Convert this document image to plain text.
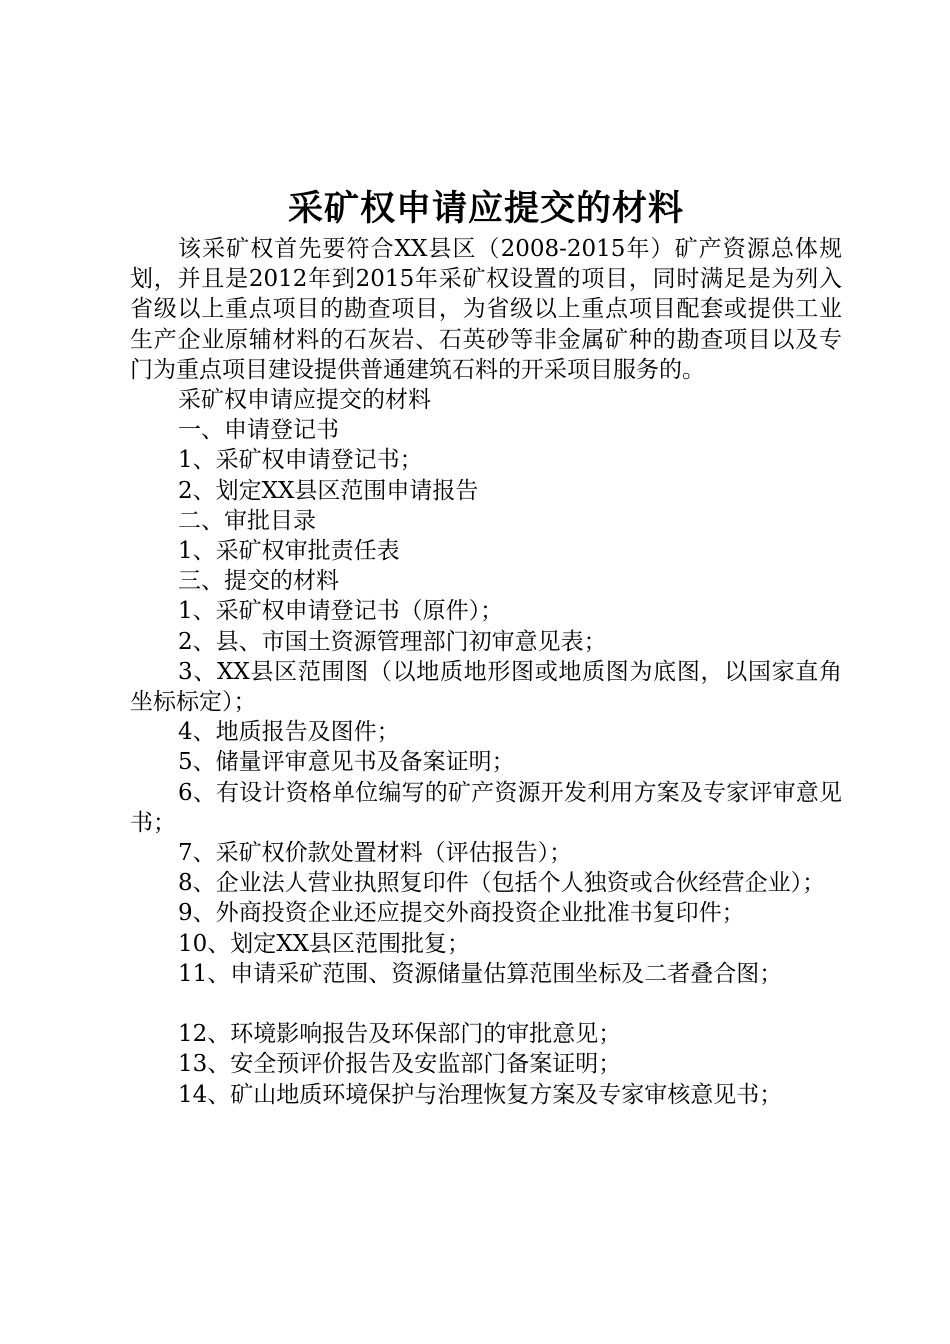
采矿权申请应提交的材料

该采矿权首先要符合XX县区（2008-2015年）矿产资源总体规划，并且是2012年到2015年采矿权设置的项目，同时满足是为列入省级以上重点项目的勘查项目，为省级以上重点项目配套或提供工业生产企业原辅材料的石灰岩、石英砂等非金属矿种的勘查项目以及专门为重点项目建设提供普通建筑石料的开采项目服务的。

采矿权申请应提交的材料

一、申请登记书

1、采矿权申请登记书；

2、划定XX县区范围申请报告

二、审批目录

1、采矿权审批责任表

三、提交的材料

1、采矿权申请登记书（原件）；

2、县、市国土资源管理部门初审意见表；

3、XX县区范围图（以地质地形图或地质图为底图，以国家直角坐标标定）；

4、地质报告及图件；

5、储量评审意见书及备案证明；

6、有设计资格单位编写的矿产资源开发利用方案及专家评审意见书；

7、采矿权价款处置材料（评估报告）；

8、企业法人营业执照复印件（包括个人独资或合伙经营企业）；

9、外商投资企业还应提交外商投资企业批准书复印件；

10、划定XX县区范围批复；

11、申请采矿范围、资源储量估算范围坐标及二者叠合图；

12、环境影响报告及环保部门的审批意见；

13、安全预评价报告及安监部门备案证明；

14、矿山地质环境保护与治理恢复方案及专家审核意见书；
